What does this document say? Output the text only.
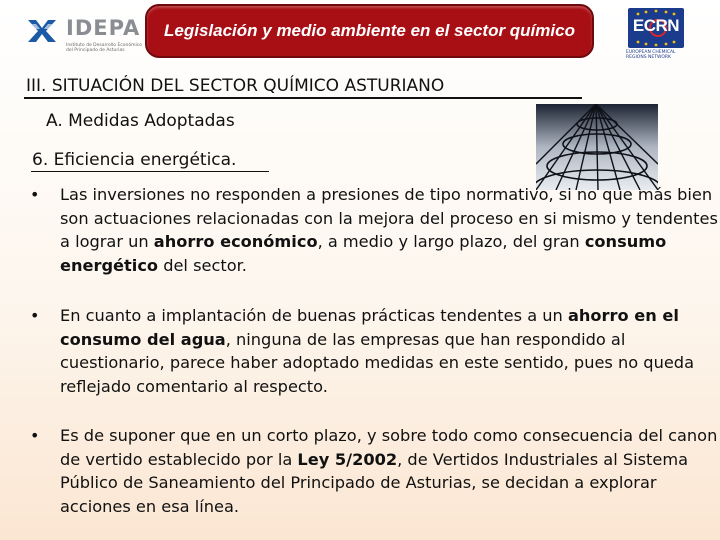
IDEPA
Instituto de Desarrollo Económico del Principado de Asturias
Legislación y medio ambiente en el sector químico	ECRN
EUROPEAN CHEMICAL REGIONS NETWORK
III. SITUACIÓN DEL SECTOR QUÍMICO ASTURIANO
A. Medidas Adoptadas
6. Eficiencia energética.
• Las inversiones no responden a presiones de tipo normativo, si no que más bien son actuaciones relacionadas con la mejora del proceso en si mismo y tendentes a lograr un ahorro económico, a medio y largo plazo, del gran consumo energético del sector.
• En cuanto a implantación de buenas prácticas tendentes a un ahorro en el consumo del agua, ninguna de las empresas que han respondido al cuestionario, parece haber adoptado medidas en este sentido, pues no queda reflejado comentario al respecto.
• Es de suponer que en un corto plazo, y sobre todo como consecuencia del canon de vertido establecido por la Ley 5/2002, de Vertidos Industriales al Sistema Público de Saneamiento del Principado de Asturias, se decidan a explorar acciones en esa línea.
